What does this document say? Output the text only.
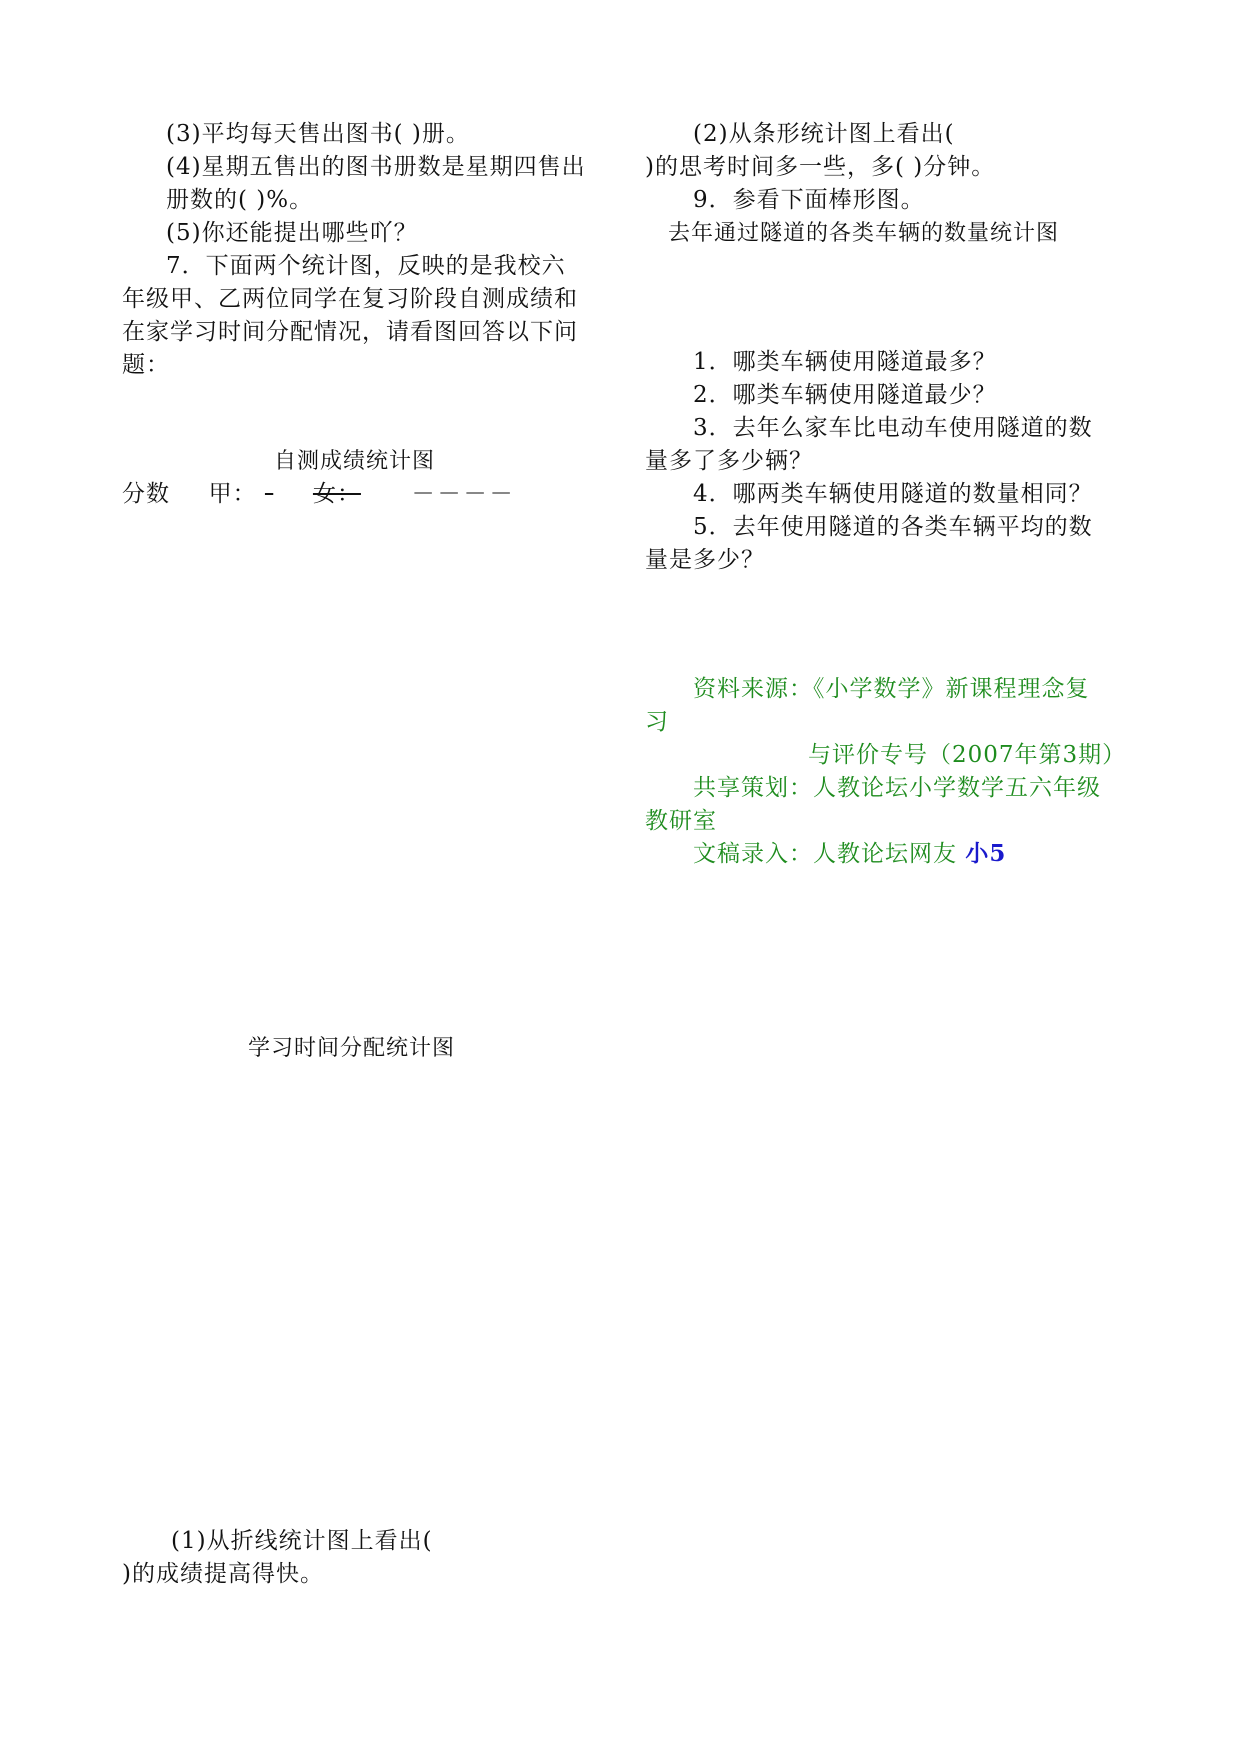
(3)平均每天售出图书( )册。
(4)星期五售出的图书册数是星期四售出
册数的( )%。
(5)你还能提出哪些吖？
7．下面两个统计图，反映的是我校六
年级甲、乙两位同学在复习阶段自测成绩和
在家学习时间分配情况，请看图回答以下问
题：
自测成绩统计图
分数 甲： 女： －－－－
学习时间分配统计图
(1)从折线统计图上看出(
)的成绩提高得快。
(2)从条形统计图上看出(
)的思考时间多一些，多( )分钟。
9．参看下面棒形图。
去年通过隧道的各类车辆的数量统计图
1．哪类车辆使用隧道最多？
2．哪类车辆使用隧道最少？
3．去年么家车比电动车使用隧道的数
量多了多少辆？
4．哪两类车辆使用隧道的数量相同？
5．去年使用隧道的各类车辆平均的数
量是多少？
资料来源：《小学数学》新课程理念复
习
与评价专号（2007年第3期）
共享策划：人教论坛小学数学五六年级
教研室
文稿录入：人教论坛网友 小5
